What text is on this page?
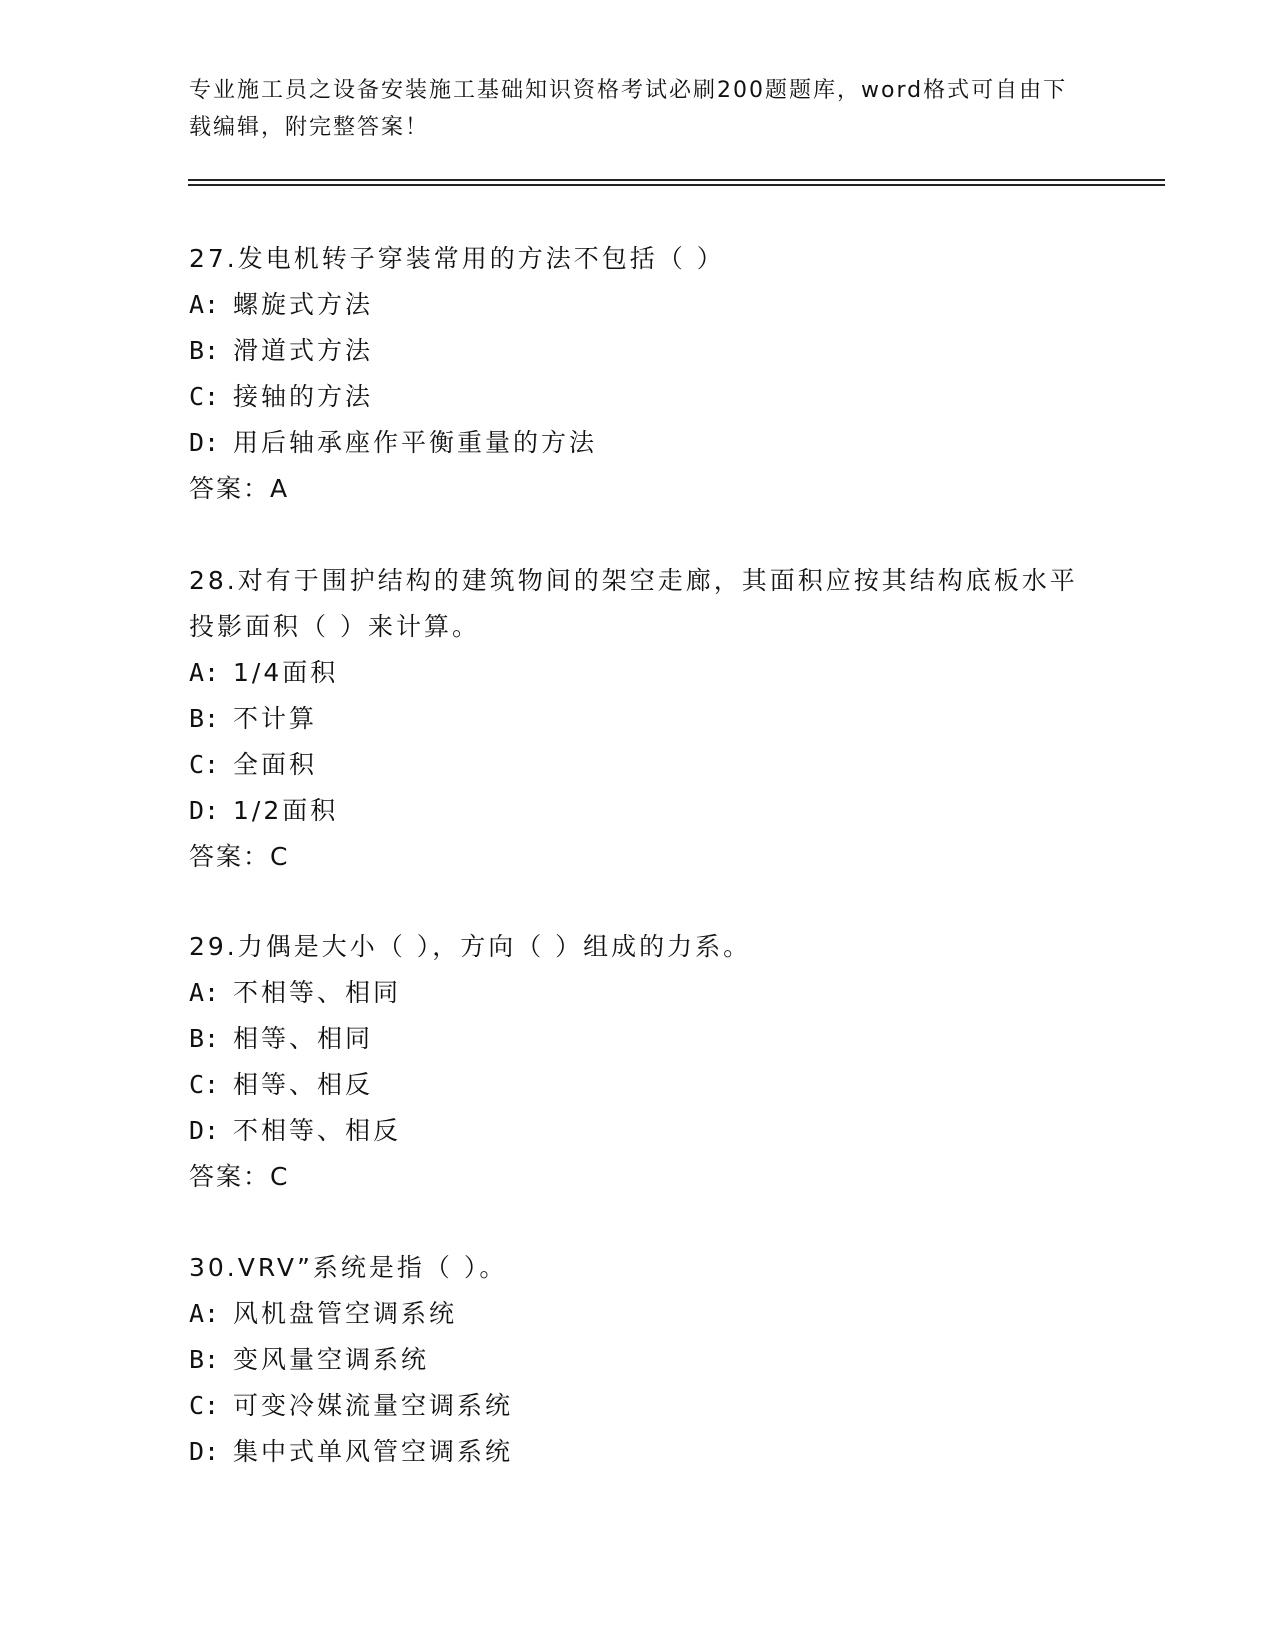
专业施工员之设备安装施工基础知识资格考试必刷200题题库，word格式可自由下载编辑，附完整答案！
27.发电机转子穿装常用的方法不包括（ ）
A: 螺旋式方法
B: 滑道式方法
C: 接轴的方法
D: 用后轴承座作平衡重量的方法
答案：A
28.对有于围护结构的建筑物间的架空走廊，其面积应按其结构底板水平投影面积（ ）来计算。
A: 1/4面积
B: 不计算
C: 全面积
D: 1/2面积
答案：C
29.力偶是大小（ ），方向（ ）组成的力系。
A: 不相等、相同
B: 相等、相同
C: 相等、相反
D: 不相等、相反
答案：C
30.VRV”系统是指（ ）。
A: 风机盘管空调系统
B: 变风量空调系统
C: 可变冷媒流量空调系统
D: 集中式单风管空调系统
